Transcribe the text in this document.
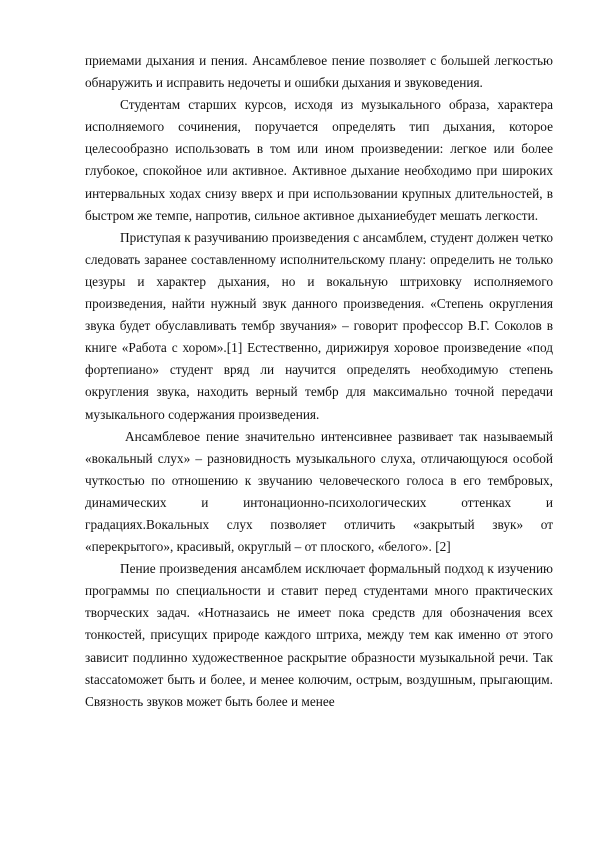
приемами дыхания и пения. Ансамблевое пение позволяет с большей легкостью обнаружить и исправить недочеты и ошибки дыхания и звуковедения.

Студентам старших курсов, исходя из музыкального образа, характера исполняемого сочинения, поручается определять тип дыхания, которое целесообразно использовать в том или ином произведении: легкое или более глубокое, спокойное или активное. Активное дыхание необходимо при широких интервальных ходах снизу вверх и при использовании крупных длительностей, в быстром же темпе, напротив, сильное активное дыханиебудет мешать легкости.

Приступая к разучиванию произведения с ансамблем, студент должен четко следовать заранее составленному исполнительскому плану: определить не только цезуры и характер дыхания, но и вокальную штриховку исполняемого произведения, найти нужный звук данного произведения. «Степень округления звука будет обуславливать тембр звучания» – говорит профессор В.Г. Соколов в книге «Работа с хором».[1] Естественно, дирижируя хоровое произведение «под фортепиано» студент вряд ли научится определять необходимую степень округления звука, находить верный тембр для максимально точной передачи музыкального содержания произведения.

Ансамблевое пение значительно интенсивнее развивает так называемый «вокальный слух» – разновидность музыкального слуха, отличающуюся особой чуткостью по отношению к звучанию человеческого голоса в его тембровых, динамических и интонационно-психологических оттенках и градациях.Вокальных слух позволяет отличить «закрытый звук» от «перекрытого», красивый, округлый – от плоского, «белого». [2]

Пение произведения ансамблем исключает формальный подход к изучению программы по специальности и ставит перед студентами много практических творческих задач. «Нотназаись не имеет пока средств для обозначения всех тонкостей, присущих природе каждого штриха, между тем как именно от этого зависит подлинно художественное раскрытие образности музыкальной речи. Так staccatoможет быть и более, и менее колючим, острым, воздушным, прыгающим. Связность звуков может быть более и менее
